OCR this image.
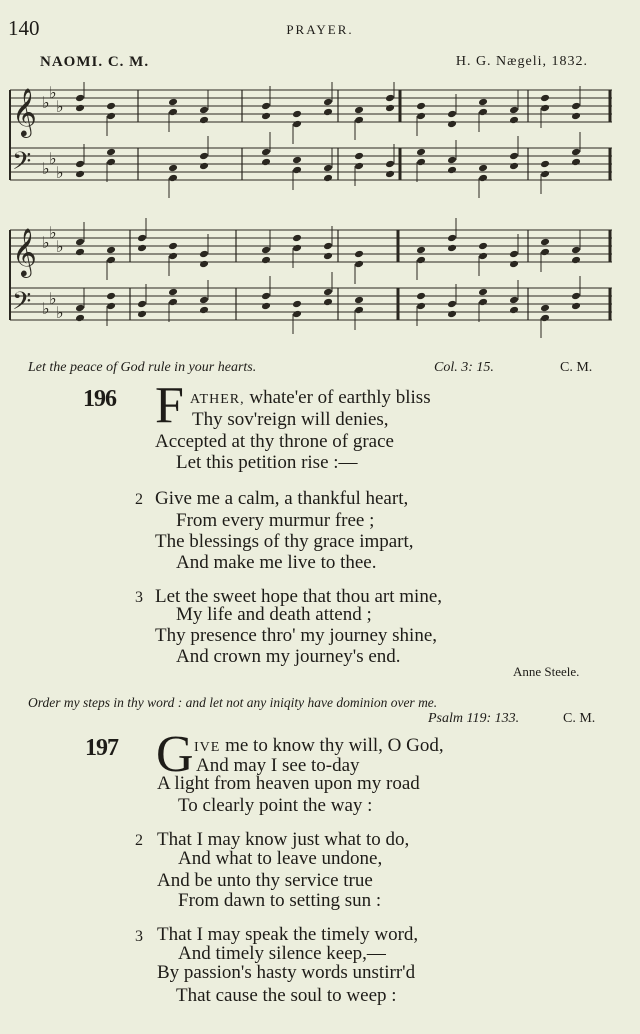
140	PRAYER.
NAOMI. C. M.	H. G. Nægeli, 1832.
𝄞 ♭
♭
♭
𝄢 ♭
♭
♭
𝄞 ♭
♭
♭
𝄢 ♭
♭
♭
Let the peace of God rule in your hearts.	Col. 3: 15.	C. M.
196 F ATHER, whate'er of earthly bliss
Thy sov'reign will denies,
Accepted at thy throne of grace
Let this petition rise :—
2 Give me a calm, a thankful heart,
From every murmur free ;
The blessings of thy grace impart,
And make me live to thee.
3 Let the sweet hope that thou art mine,
My life and death attend ;
Thy presence thro' my journey shine,
And crown my journey's end.
Anne Steele.
Order my steps in thy word : and let not any iniqity have dominion over me.
Psalm 119: 133.	C. M.
197 G IVE me to know thy will, O God,
And may I see to-day
A light from heaven upon my road
To clearly point the way :
2 That I may know just what to do,
And what to leave undone,
And be unto thy service true
From dawn to setting sun :
3 That I may speak the timely word,
And timely silence keep,—
By passion's hasty words unstirr'd
That cause the soul to weep :
